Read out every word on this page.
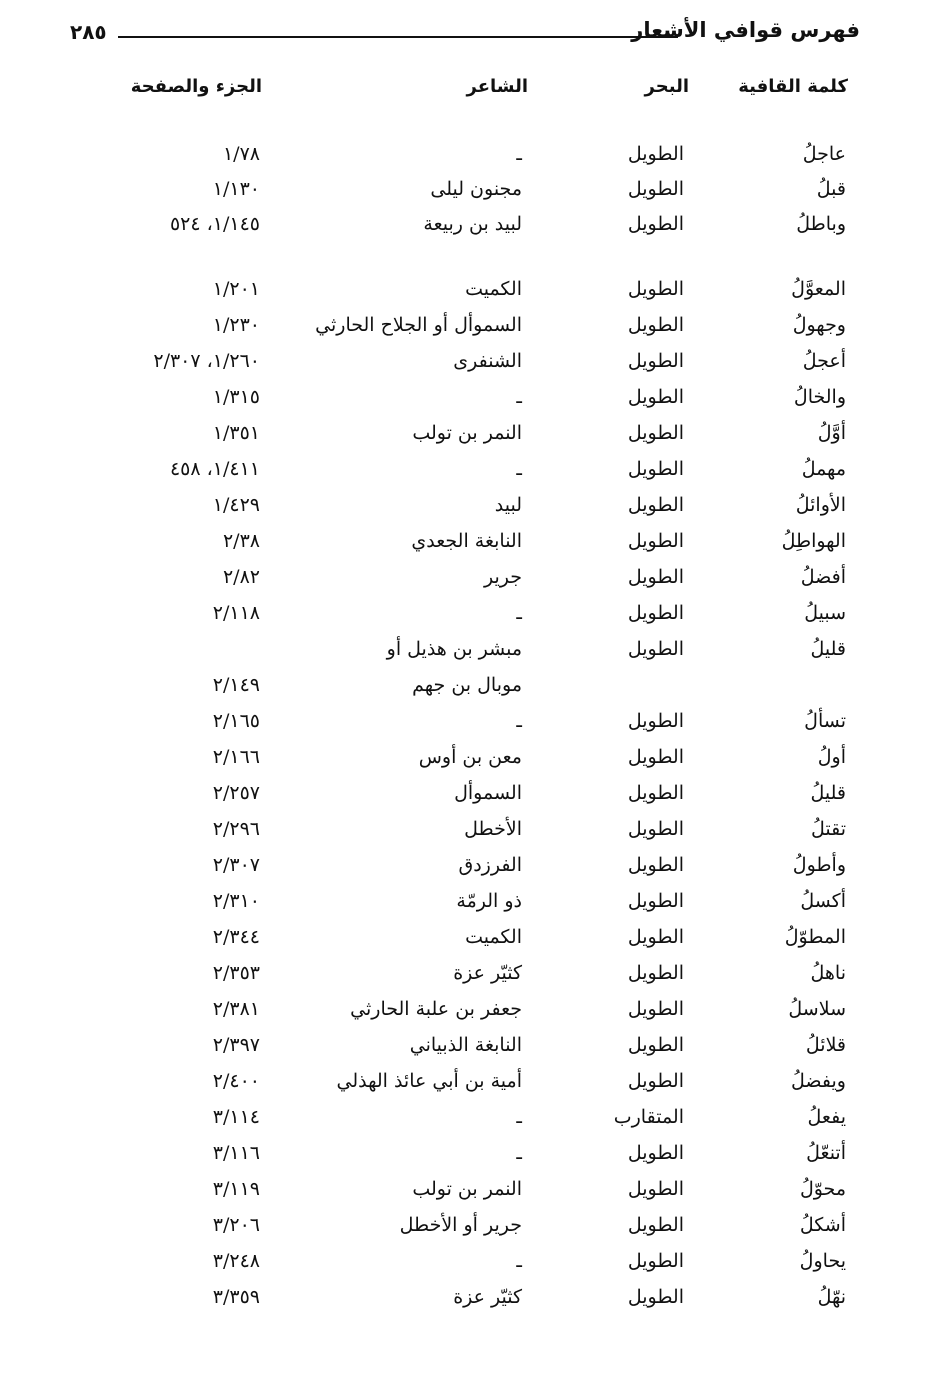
٢٨٥	فهرس قوافي الأشعار
كلمة القافية
البحر
الشاعر
الجزء والصفحة
عاجلُ
الطويل
ـ
١/٧٨
قبلُ
الطويل
مجنون ليلى
١/١٣٠
وباطلُ
الطويل
لبيد بن ربيعة
١/١٤٥، ٥٢٤
المعوَّلُ
الطويل
الكميت
١/٢٠١
وجهولُ
الطويل
السموأل أو الجلاح الحارثي
١/٢٣٠
أعجلُ
الطويل
الشنفرى
١/٢٦٠، ٢/٣٠٧
والخالُ
الطويل
ـ
١/٣١٥
أوَّلُ
الطويل
النمر بن تولب
١/٣٥١
مهملُ
الطويل
ـ
١/٤١١، ٤٥٨
الأوائلُ
الطويل
لبيد
١/٤٢٩
الهواطِلُ
الطويل
النابغة الجعدي
٢/٣٨
أفضلُ
الطويل
جرير
٢/٨٢
سبيلُ
الطويل
ـ
٢/١١٨
قليلُ
الطويل
مبشر بن هذيل أو
موبال بن جهم
٢/١٤٩
تسألُ
الطويل
ـ
٢/١٦٥
أولُ
الطويل
معن بن أوس
٢/١٦٦
قليلُ
الطويل
السموأل
٢/٢٥٧
تقتلُ
الطويل
الأخطل
٢/٢٩٦
وأطولُ
الطويل
الفرزدق
٢/٣٠٧
أكسلُ
الطويل
ذو الرمّة
٢/٣١٠
المطوّلُ
الطويل
الكميت
٢/٣٤٤
ناهلُ
الطويل
كثيّر عزة
٢/٣٥٣
سلاسلُ
الطويل
جعفر بن علبة الحارثي
٢/٣٨١
قلائلُ
الطويل
النابغة الذبياني
٢/٣٩٧
ويفضلُ
الطويل
أمية بن أبي عائذ الهذلي
٢/٤٠٠
يفعلُ
المتقارب
ـ
٣/١١٤
أتنعّلُ
الطويل
ـ
٣/١١٦
محوّلُ
الطويل
النمر بن تولب
٣/١١٩
أشكلُ
الطويل
جرير أو الأخطل
٣/٢٠٦
يحاولُ
الطويل
ـ
٣/٢٤٨
نهّلُ
الطويل
كثيّر عزة
٣/٣٥٩
